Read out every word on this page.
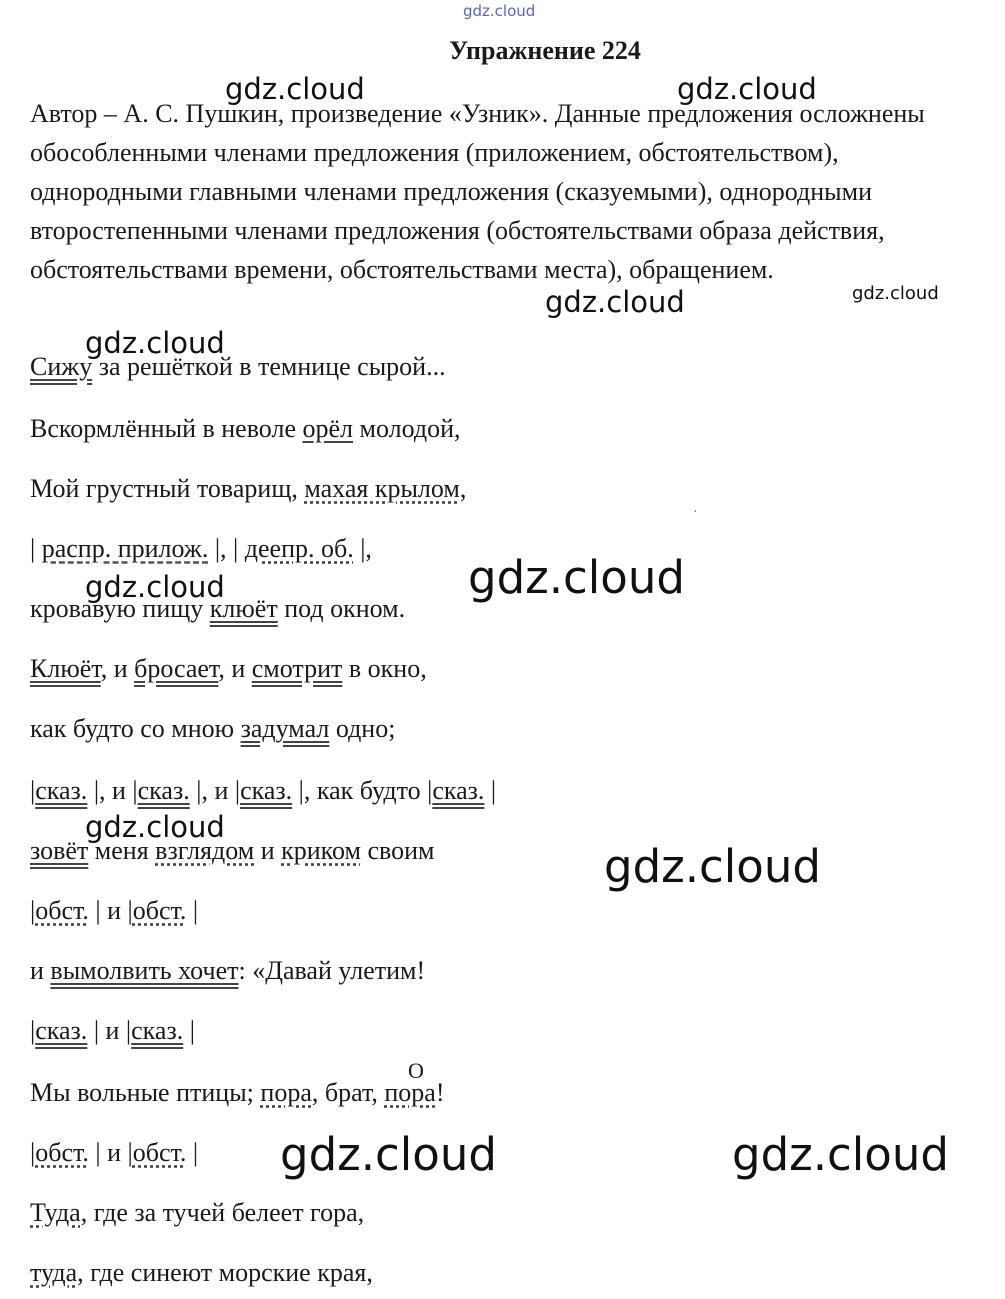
gdz.cloud
Упражнение 224
Автор – А. С. Пушкин, произведение «Узник». Данные предложения осложнены обособленными членами предложения (приложением, обстоятельством), однородными главными членами предложения (сказуемыми), однородными второстепенными членами предложения (обстоятельствами образа действия, обстоятельствами времени, обстоятельствами места), обращением.
Сижу за решёткой в темнице сырой...
Вскормлённый в неволе орёл молодой,
Мой грустный товарищ, махая крылом,
| распр. прилож. |, | деепр. об. |,
кровавую пищу клюёт под окном.
Клюёт, и бросает, и смотрит в окно,
как будто со мною задумал одно;
|сказ. |, и |сказ. |, и |сказ. |, как будто |сказ. |
зовёт меня взглядом и криком своим
|обст. | и |обст. |
и вымолвить хочет: «Давай улетим!
|сказ. | и |сказ. |
О
Мы вольные птицы; пора, брат, пора!
|обст. | и |обст. |
Туда, где за тучей белеет гора,
туда, где синеют морские края,
·
gdz.cloud	gdz.cloud
gdz.cloud	gdz.cloud
gdz.cloud
gdz.cloud	gdz.cloud
gdz.cloud
gdz.cloud
gdz.cloud	gdz.cloud
